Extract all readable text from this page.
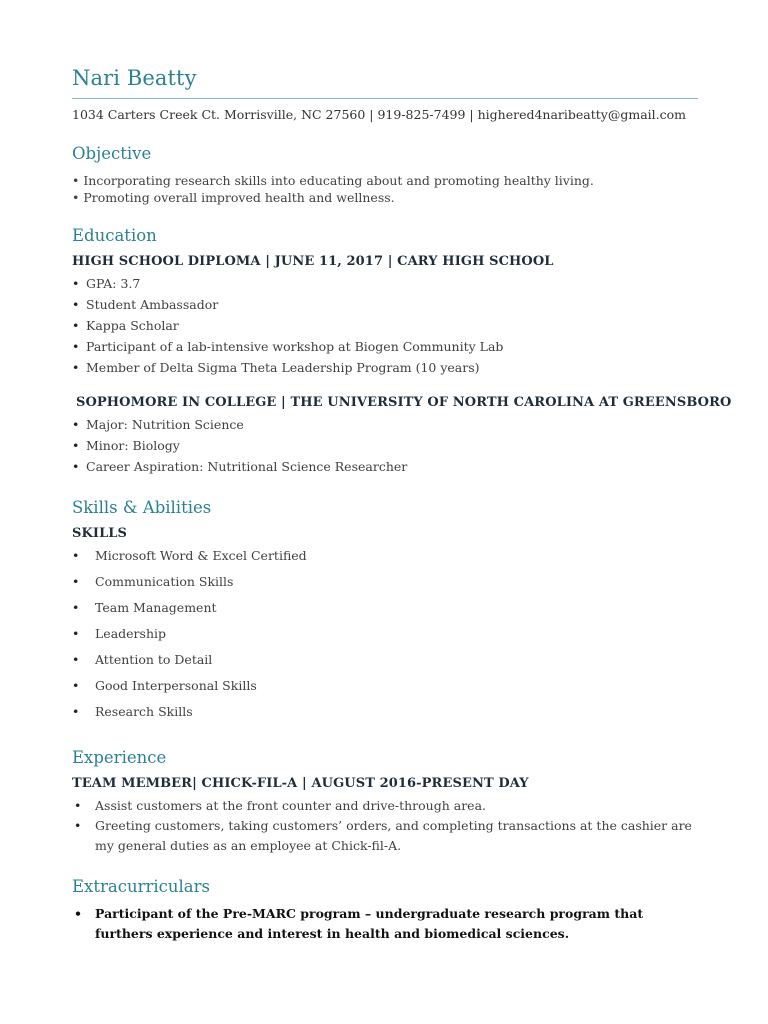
Nari Beatty

1034 Carters Creek Ct. Morrisville, NC 27560 | 919-825-7499 | highered4naribeatty@gmail.com

Objective
• Incorporating research skills into educating about and promoting healthy living.
• Promoting overall improved health and wellness.
Education

HIGH SCHOOL DIPLOMA | JUNE 11, 2017 | CARY HIGH SCHOOL

• GPA: 3.7
• Student Ambassador
• Kappa Scholar
• Participant of a lab-intensive workshop at Biogen Community Lab
• Member of Delta Sigma Theta Leadership Program (10 years)

SOPHOMORE IN COLLEGE | THE UNIVERSITY OF NORTH CAROLINA AT GREENSBORO

• Major: Nutrition Science
• Minor: Biology
• Career Aspiration: Nutritional Science Researcher
Skills & Abilities

SKILLS

• Microsoft Word & Excel Certified
• Communication Skills
• Team Management
• Leadership
• Attention to Detail
• Good Interpersonal Skills
• Research Skills
Experience

TEAM MEMBER| CHICK-FIL-A | AUGUST 2016-PRESENT DAY

• Assist customers at the front counter and drive-through area.
• Greeting customers, taking customers’ orders, and completing transactions at the cashier are my general duties as an employee at Chick-fil-A.
Extracurriculars
• Participant of the Pre-MARC program – undergraduate research program that furthers experience and interest in health and biomedical sciences.
